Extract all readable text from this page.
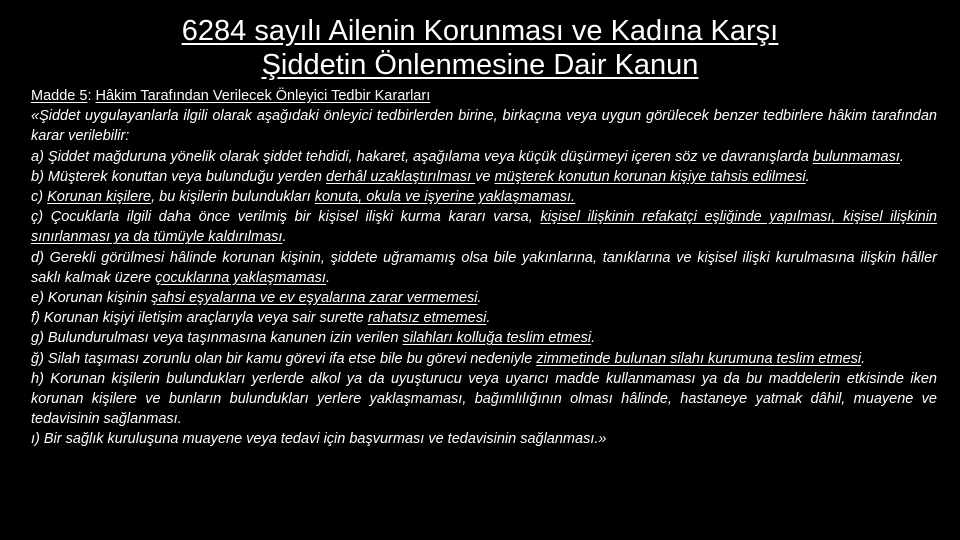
6284 sayılı Ailenin Korunması ve Kadına Karşı
Şiddetin Önlenmesine Dair Kanun

Madde 5: Hâkim Tarafından Verilecek Önleyici Tedbir Kararları

«Şiddet uygulayanlarla ilgili olarak aşağıdaki önleyici tedbirlerden birine, birkaçına veya uygun görülecek benzer tedbirlere hâkim tarafından karar verilebilir:

a) Şiddet mağduruna yönelik olarak şiddet tehdidi, hakaret, aşağılama veya küçük düşürmeyi içeren söz ve davranışlarda bulunmaması.

b) Müşterek konuttan veya bulunduğu yerden derhâl uzaklaştırılması ve müşterek konutun korunan kişiye tahsis edilmesi.

c) Korunan kişilere, bu kişilerin bulundukları konuta, okula ve işyerine yaklaşmaması.

ç) Çocuklarla ilgili daha önce verilmiş bir kişisel ilişki kurma kararı varsa, kişisel ilişkinin refakatçi eşliğinde yapılması, kişisel ilişkinin sınırlanması ya da tümüyle kaldırılması.

d) Gerekli görülmesi hâlinde korunan kişinin, şiddete uğramamış olsa bile yakınlarına, tanıklarına ve kişisel ilişki kurulmasına ilişkin hâller saklı kalmak üzere çocuklarına yaklaşmaması.

e) Korunan kişinin şahsi eşyalarına ve ev eşyalarına zarar vermemesi.

f) Korunan kişiyi iletişim araçlarıyla veya sair surette rahatsız etmemesi.

g) Bulundurulması veya taşınmasına kanunen izin verilen silahları kolluğa teslim etmesi.

ğ) Silah taşıması zorunlu olan bir kamu görevi ifa etse bile bu görevi nedeniyle zimmetinde bulunan silahı kurumuna teslim etmesi.

h) Korunan kişilerin bulundukları yerlerde alkol ya da uyuşturucu veya uyarıcı madde kullanmaması ya da bu maddelerin etkisinde iken korunan kişilere ve bunların bulundukları yerlere yaklaşmaması, bağımlılığının olması hâlinde, hastaneye yatmak dâhil, muayene ve tedavisinin sağlanması.

ı) Bir sağlık kuruluşuna muayene veya tedavi için başvurması ve tedavisinin sağlanması.»
